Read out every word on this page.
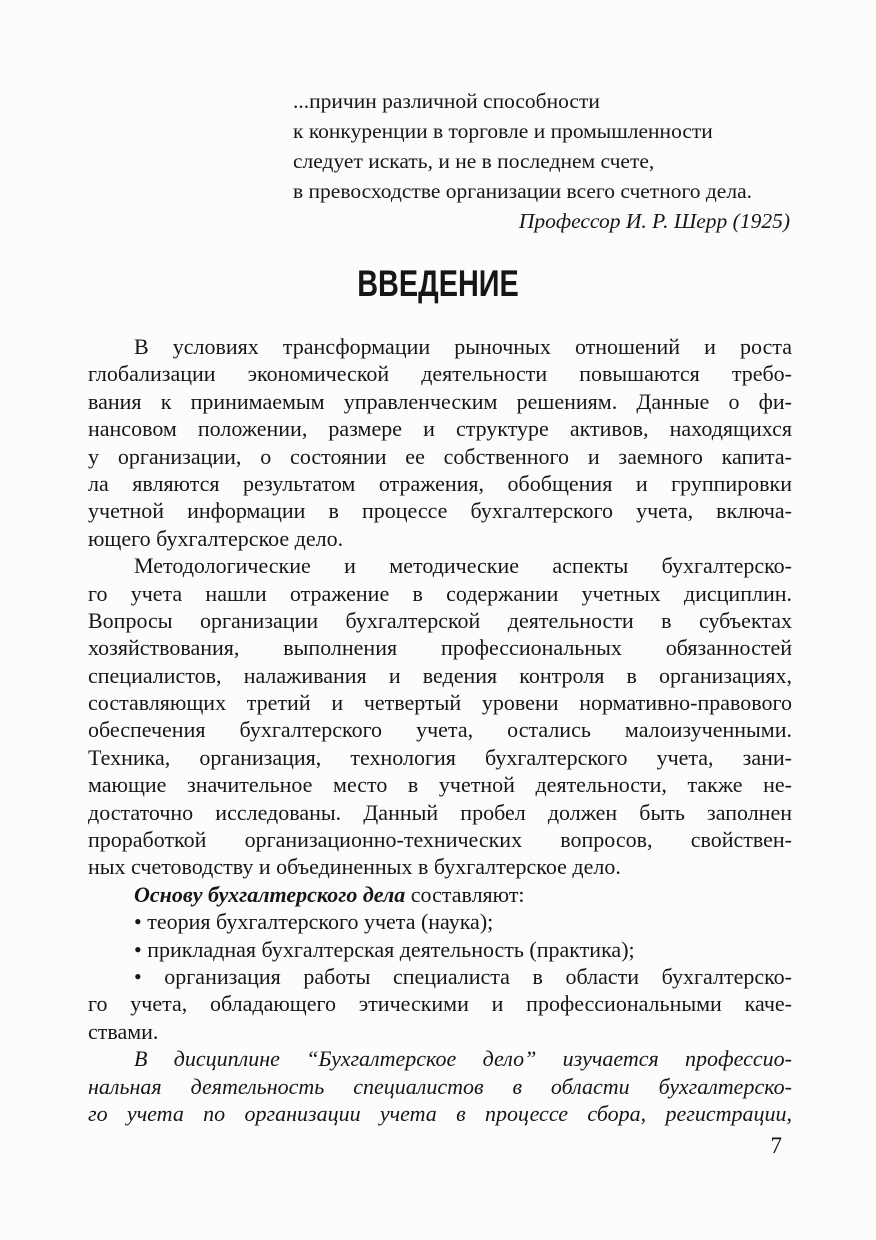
...причин различной способности
к конкуренции в торговле и промышленности
следует искать, и не в последнем счете,
в превосходстве организации всего счетного дела.
Профессор И. Р. Шерр (1925)
ВВЕДЕНИЕ
В условиях трансформации рыночных отношений и роста
глобализации экономической деятельности повышаются требо-
вания к принимаемым управленческим решениям. Данные о фи-
нансовом положении, размере и структуре активов, находящихся
у организации, о состоянии ее собственного и заемного капита-
ла являются результатом отражения, обобщения и группировки
учетной информации в процессе бухгалтерского учета, включа-
ющего бухгалтерское дело.
Методологические и методические аспекты бухгалтерско-
го учета нашли отражение в содержании учетных дисциплин.
Вопросы организации бухгалтерской деятельности в субъектах
хозяйствования, выполнения профессиональных обязанностей
специалистов, налаживания и ведения контроля в организациях,
составляющих третий и четвертый уровени нормативно-правового
обеспечения бухгалтерского учета, остались малоизученными.
Техника, организация, технология бухгалтерского учета, зани-
мающие значительное место в учетной деятельности, также не-
достаточно исследованы. Данный пробел должен быть заполнен
проработкой организационно-технических вопросов, свойствен-
ных счетоводству и объединенных в бухгалтерское дело.
Основу бухгалтерского дела составляют:
• теория бухгалтерского учета (наука);
• прикладная бухгалтерская деятельность (практика);
• организация работы специалиста в области бухгалтерско-
го учета, обладающего этическими и профессиональными каче-
ствами.
В дисциплине “Бухгалтерское дело” изучается профессио-
нальная деятельность специалистов в области бухгалтерско-
го учета по организации учета в процессе сбора, регистрации,
7
